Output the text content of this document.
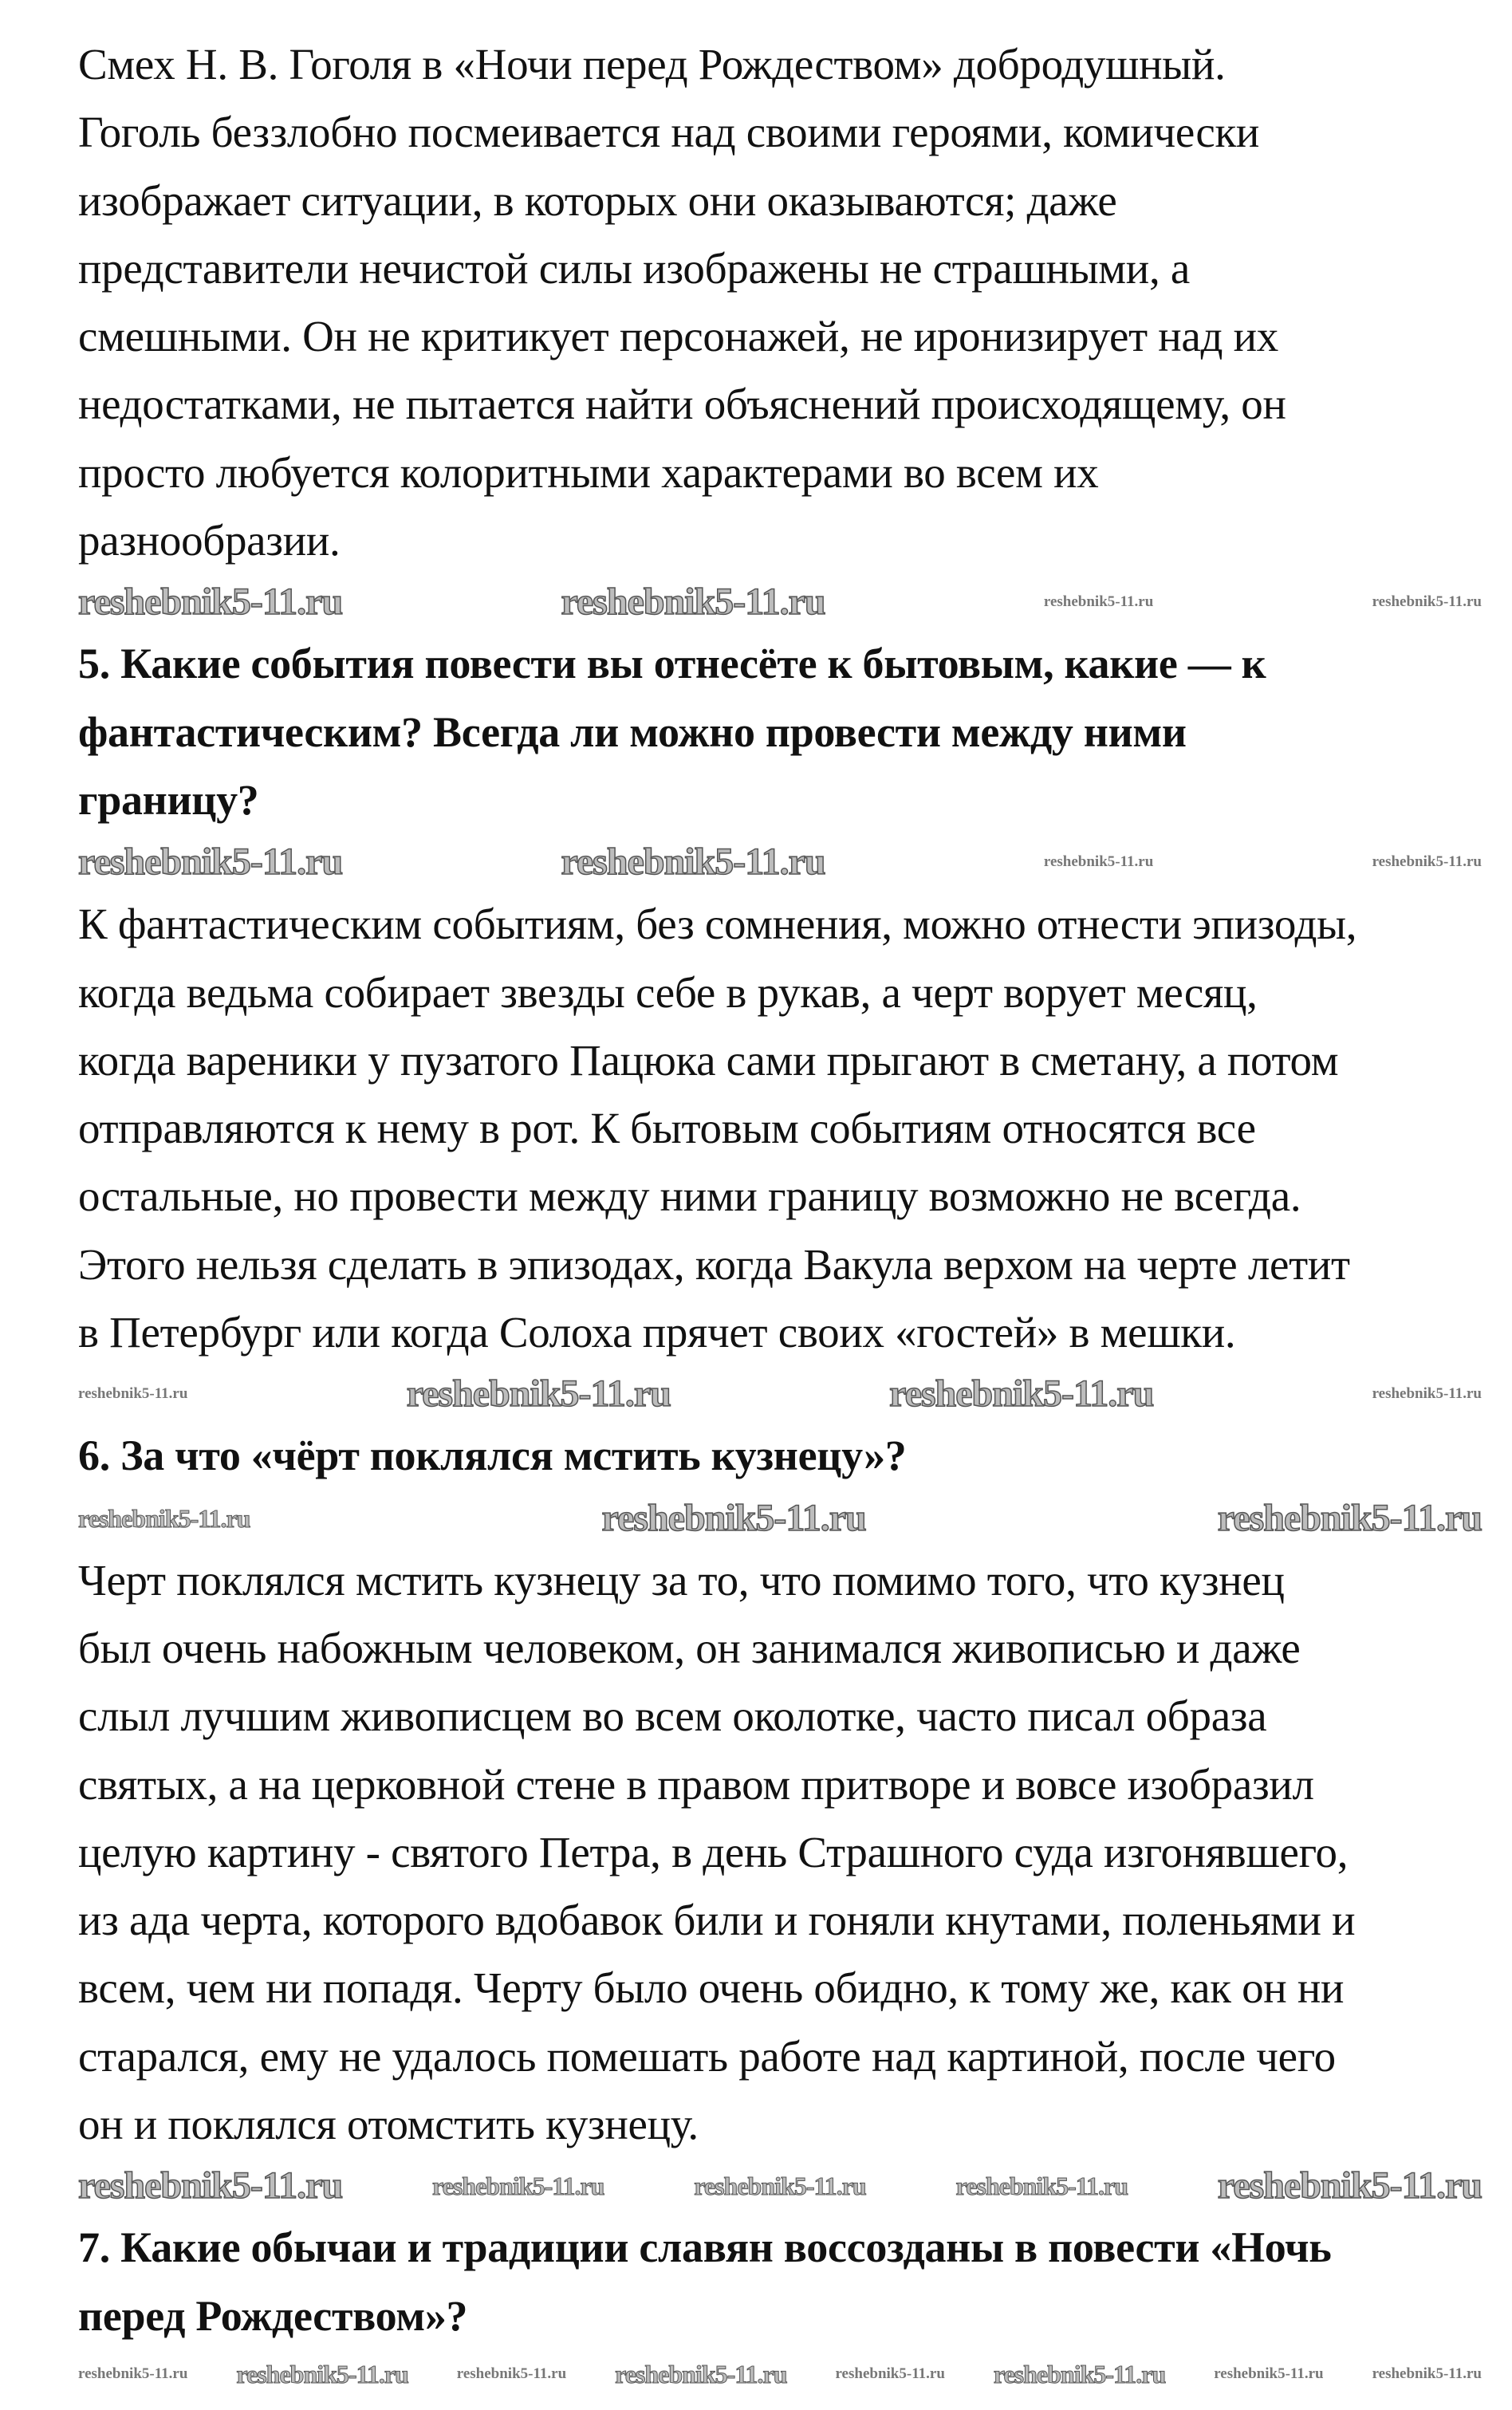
Смех Н. В. Гоголя в «Ночи перед Рождеством» добродушный.
Гоголь беззлобно посмеивается над своими героями, комически
изображает ситуации, в которых они оказываются; даже
представители нечистой силы изображены не страшными, а
смешными. Он не критикует персонажей, не иронизирует над их
недостатками, не пытается найти объяснений происходящему, он
просто любуется колоритными характерами во всем их
разнообразии.
reshebnik5-11.ru	reshebnik5-11.ru	reshebnik5-11.ru	reshebnik5-11.ru
5. Какие события повести вы отнесёте к бытовым, какие — к
фантастическим? Всегда ли можно провести между ними
границу?
reshebnik5-11.ru	reshebnik5-11.ru	reshebnik5-11.ru	reshebnik5-11.ru
К фантастическим событиям, без сомнения, можно отнести эпизоды,
когда ведьма собирает звезды себе в рукав, а черт ворует месяц,
когда вареники у пузатого Пацюка сами прыгают в сметану, а потом
отправляются к нему в рот. К бытовым событиям относятся все
остальные, но провести между ними границу возможно не всегда.
Этого нельзя сделать в эпизодах, когда Вакула верхом на черте летит
в Петербург или когда Солоха прячет своих «гостей» в мешки.
reshebnik5-11.ru	reshebnik5-11.ru	reshebnik5-11.ru	reshebnik5-11.ru
6. За что «чёрт поклялся мстить кузнецу»?
reshebnik5-11.ru	reshebnik5-11.ru	reshebnik5-11.ru
Черт поклялся мстить кузнецу за то, что помимо того, что кузнец
был очень набожным человеком, он занимался живописью и даже
слыл лучшим живописцем во всем околотке, часто писал образа
святых, а на церковной стене в правом притворе и вовсе изобразил
целую картину - святого Петра, в день Страшного суда изгонявшего,
из ада черта, которого вдобавок били и гоняли кнутами, поленьями и
всем, чем ни попадя. Черту было очень обидно, к тому же, как он ни
старался, ему не удалось помешать работе над картиной, после чего
он и поклялся отомстить кузнецу.
reshebnik5-11.ru	reshebnik5-11.ru	reshebnik5-11.ru	reshebnik5-11.ru reshebnik5-11.ru
7. Какие обычаи и традиции славян воссозданы в повести «Ночь
перед Рождеством»?
reshebnik5-11.ru reshebnik5-11.ru	reshebnik5-11.ru reshebnik5-11.ru	reshebnik5-11.ru reshebnik5-11.ru	reshebnik5-11.ru	reshebnik5-11.ru
